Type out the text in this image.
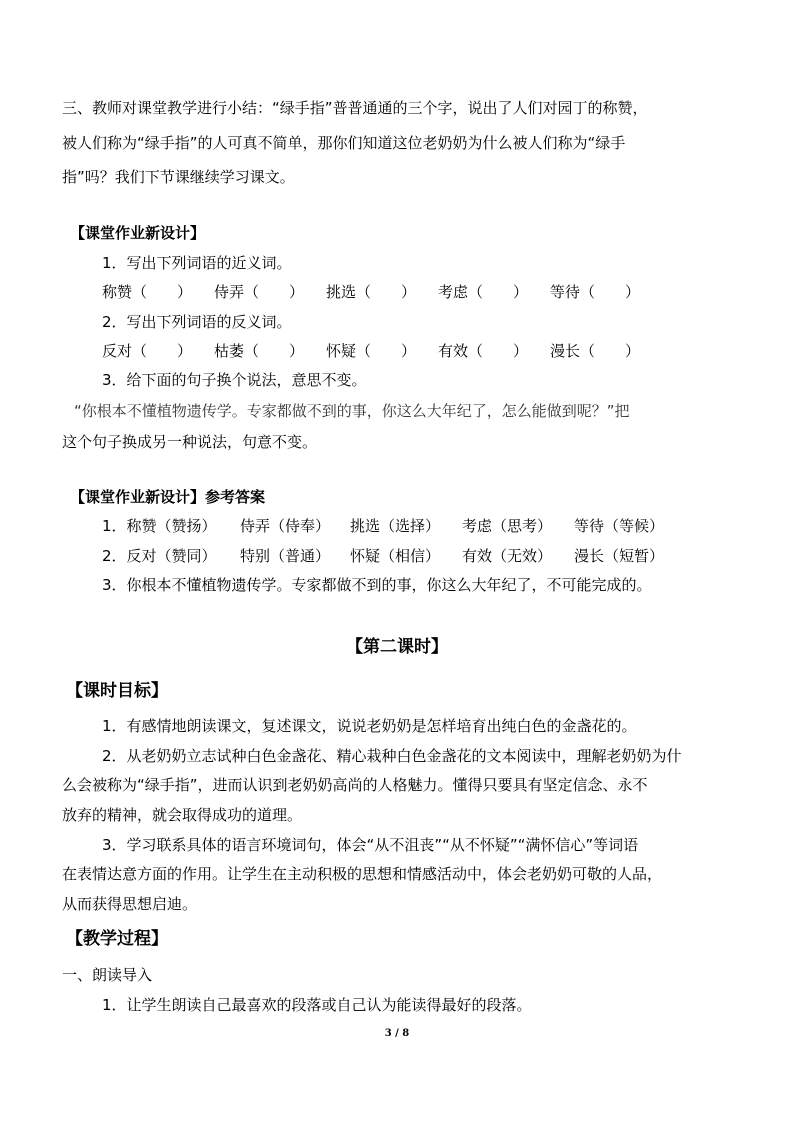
三、教师对课堂教学进行小结：“绿手指”普普通通的三个字，说出了人们对园丁的称赞，
被人们称为“绿手指”的人可真不简单，那你们知道这位老奶奶为什么被人们称为“绿手
指”吗？我们下节课继续学习课文。
【课堂作业新设计】
1．写出下列词语的近义词。
称赞（　　） 侍弄（　　） 挑选（　　） 考虑（　　） 等待（　　）
2．写出下列词语的反义词。
反对（　　） 枯萎（　　） 怀疑（　　） 有效（　　） 漫长（　　）
3．给下面的句子换个说法，意思不变。
“你根本不懂植物遗传学。专家都做不到的事，你这么大年纪了，怎么能做到呢？”把
这个句子换成另一种说法，句意不变。
【课堂作业新设计】参考答案
1．称赞（赞扬） 侍弄（侍奉） 挑选（选择） 考虑（思考） 等待（等候）
2．反对（赞同） 特别（普通） 怀疑（相信） 有效（无效） 漫长（短暂）
3．你根本不懂植物遗传学。专家都做不到的事，你这么大年纪了，不可能完成的。
【第二课时】
【课时目标】
1．有感情地朗读课文，复述课文，说说老奶奶是怎样培育出纯白色的金盏花的。
2．从老奶奶立志试种白色金盏花、精心栽种白色金盏花的文本阅读中，理解老奶奶为什
么会被称为“绿手指”，进而认识到老奶奶高尚的人格魅力。懂得只要具有坚定信念、永不
放弃的精神，就会取得成功的道理。
3．学习联系具体的语言环境词句，体会“从不沮丧”“从不怀疑”“满怀信心”等词语
在表情达意方面的作用。让学生在主动积极的思想和情感活动中，体会老奶奶可敬的人品，
从而获得思想启迪。
【教学过程】
一、朗读导入
1．让学生朗读自己最喜欢的段落或自己认为能读得最好的段落。
3 / 8
